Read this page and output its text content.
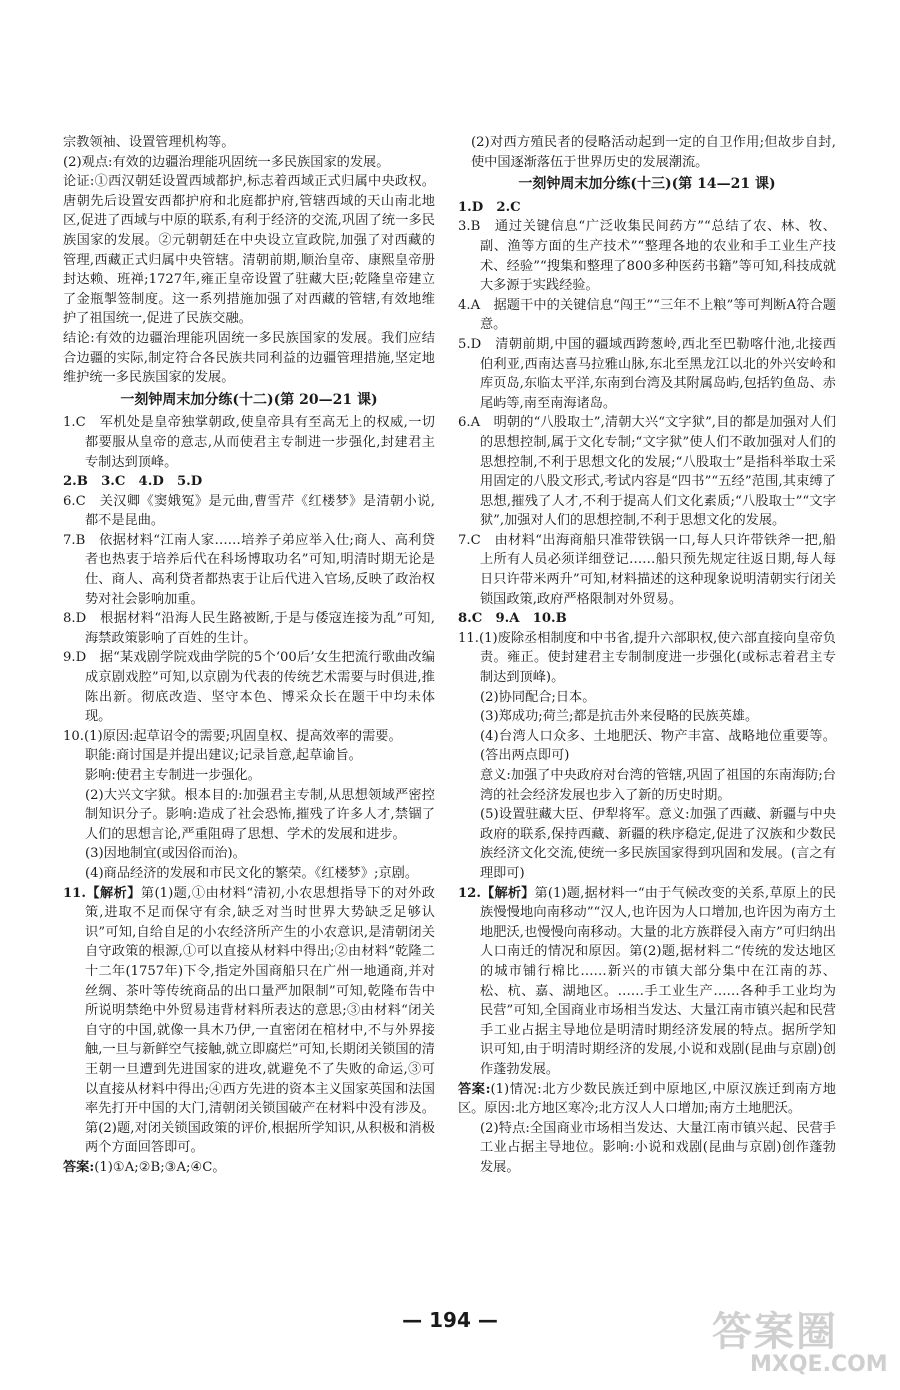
宗教领袖、设置管理机构等。

(2)观点:有效的边疆治理能巩固统一多民族国家的发展。

论证:①西汉朝廷设置西域都护,标志着西域正式归属中央政权。唐朝先后设置安西都护府和北庭都护府,管辖西域的天山南北地区,促进了西域与中原的联系,有利于经济的交流,巩固了统一多民族国家的发展。②元朝朝廷在中央设立宣政院,加强了对西藏的管理,西藏正式归属中央管辖。清朝前期,顺治皇帝、康熙皇帝册封达赖、班禅;1727年,雍正皇帝设置了驻藏大臣;乾隆皇帝建立了金瓶掣签制度。这一系列措施加强了对西藏的管辖,有效地维护了祖国统一,促进了民族交融。

结论:有效的边疆治理能巩固统一多民族国家的发展。我们应结合边疆的实际,制定符合各民族共同利益的边疆管理措施,坚定地维护统一多民族国家的发展。

一刻钟周末加分练(十二)(第 20—21 课)

1.C　军机处是皇帝独掌朝政,使皇帝具有至高无上的权威,一切都要服从皇帝的意志,从而使君主专制进一步强化,封建君主专制达到顶峰。

2.B　3.C　4.D　5.D

6.C　关汉卿《窦娥冤》是元曲,曹雪芹《红楼梦》是清朝小说,都不是昆曲。

7.B　依据材料“江南人家……培养子弟应举入仕;商人、高利贷者也热衷于培养后代在科场博取功名”可知,明清时期无论是仕、商人、高利贷者都热衷于让后代进入官场,反映了政治权势对社会影响加重。

8.D　根据材料“沿海人民生路被断,于是与倭寇连接为乱”可知,海禁政策影响了百姓的生计。

9.D　据“某戏剧学院戏曲学院的5个‘00后’女生把流行歌曲改编成京剧戏腔”可知,以京剧为代表的传统艺术需要与时俱进,推陈出新。彻底改造、坚守本色、博采众长在题干中均未体现。

10.(1)原因:起草诏令的需要;巩固皇权、提高效率的需要。

职能:商讨国是并提出建议;记录旨意,起草谕旨。

影响:使君主专制进一步强化。

(2)大兴文字狱。根本目的:加强君主专制,从思想领域严密控制知识分子。影响:造成了社会恐怖,摧残了许多人才,禁锢了人们的思想言论,严重阻碍了思想、学术的发展和进步。

(3)因地制宜(或因俗而治)。

(4)商品经济的发展和市民文化的繁荣。《红楼梦》;京剧。

11.【解析】第(1)题,①由材料“清初,小农思想指导下的对外政策,进取不足而保守有余,缺乏对当时世界大势缺乏足够认识”可知,自给自足的小农经济所产生的小农意识,是清朝闭关自守政策的根源,①可以直接从材料中得出;②由材料“乾隆二十二年(1757年)下令,指定外国商船只在广州一地通商,并对丝绸、茶叶等传统商品的出口量严加限制”可知,乾隆布告中所说明禁绝中外贸易违背材料所表达的意思;③由材料“闭关自守的中国,就像一具木乃伊,一直密闭在棺材中,不与外界接触,一旦与新鲜空气接触,就立即腐烂”可知,长期闭关锁国的清王朝一旦遭到先进国家的进攻,就避免不了失败的命运,③可以直接从材料中得出;④西方先进的资本主义国家英国和法国率先打开中国的大门,清朝闭关锁国破产在材料中没有涉及。第(2)题,对闭关锁国政策的评价,根据所学知识,从积极和消极两个方面回答即可。

答案:(1)①A;②B;③A;④C。

(2)对西方殖民者的侵略活动起到一定的自卫作用;但故步自封,使中国逐渐落伍于世界历史的发展潮流。

一刻钟周末加分练(十三)(第 14—21 课)

1.D　2.C

3.B　通过关键信息“广泛收集民间药方”“总结了农、林、牧、副、渔等方面的生产技术”“整理各地的农业和手工业生产技术、经验”“搜集和整理了800多种医药书籍”等可知,科技成就大多源于实践经验。

4.A　据题干中的关键信息“闯王”“三年不上粮”等可判断A符合题意。

5.D　清朝前期,中国的疆域西跨葱岭,西北至巴勒喀什池,北接西伯利亚,西南达喜马拉雅山脉,东北至黑龙江以北的外兴安岭和库页岛,东临太平洋,东南到台湾及其附属岛屿,包括钓鱼岛、赤尾屿等,南至南海诸岛。

6.A　明朝的“八股取士”,清朝大兴“文字狱”,目的都是加强对人们的思想控制,属于文化专制;“文字狱”使人们不敢加强对人们的思想控制,不利于思想文化的发展;“八股取士”是指科举取士采用固定的八股文形式,考试内容是“四书”“五经”范围,其束缚了思想,摧残了人才,不利于提高人们文化素质;“八股取士”“文字狱”,加强对人们的思想控制,不利于思想文化的发展。

7.C　由材料“出海商船只准带铁锅一口,每人只许带铁斧一把,船上所有人员必须详细登记……船只预先规定往返日期,每人每日只许带米两升”可知,材料描述的这种现象说明清朝实行闭关锁国政策,政府严格限制对外贸易。

8.C　9.A　10.B

11.(1)废除丞相制度和中书省,提升六部职权,使六部直接向皇帝负责。雍正。使封建君主专制制度进一步强化(或标志着君主专制达到顶峰)。

(2)协同配合;日本。

(3)郑成功;荷兰;都是抗击外来侵略的民族英雄。

(4)台湾人口众多、土地肥沃、物产丰富、战略地位重要等。(答出两点即可)

意义:加强了中央政府对台湾的管辖,巩固了祖国的东南海防;台湾的社会经济发展也步入了新的历史时期。

(5)设置驻藏大臣、伊犁将军。意义:加强了西藏、新疆与中央政府的联系,保持西藏、新疆的秩序稳定,促进了汉族和少数民族经济文化交流,使统一多民族国家得到巩固和发展。(言之有理即可)

12.【解析】第(1)题,据材料一“由于气候改变的关系,草原上的民族慢慢地向南移动”“汉人,也许因为人口增加,也许因为南方土地肥沃,也慢慢向南移动。大量的北方族群侵入南方”可归纳出人口南迁的情况和原因。第(2)题,据材料二“传统的发达地区的城市铺行棉比……新兴的市镇大部分集中在江南的苏、松、杭、嘉、湖地区。……手工业生产……各种手工业均为民营”可知,全国商业市场相当发达、大量江南市镇兴起和民营手工业占据主导地位是明清时期经济发展的特点。据所学知识可知,由于明清时期经济的发展,小说和戏剧(昆曲与京剧)创作蓬勃发展。

答案:(1)情况:北方少数民族迁到中原地区,中原汉族迁到南方地区。原因:北方地区寒冷;北方汉人人口增加;南方土地肥沃。

(2)特点:全国商业市场相当发达、大量江南市镇兴起、民营手工业占据主导地位。影响:小说和戏剧(昆曲与京剧)创作蓬勃发展。

— 194 —	答案圈
MXQE.COM
